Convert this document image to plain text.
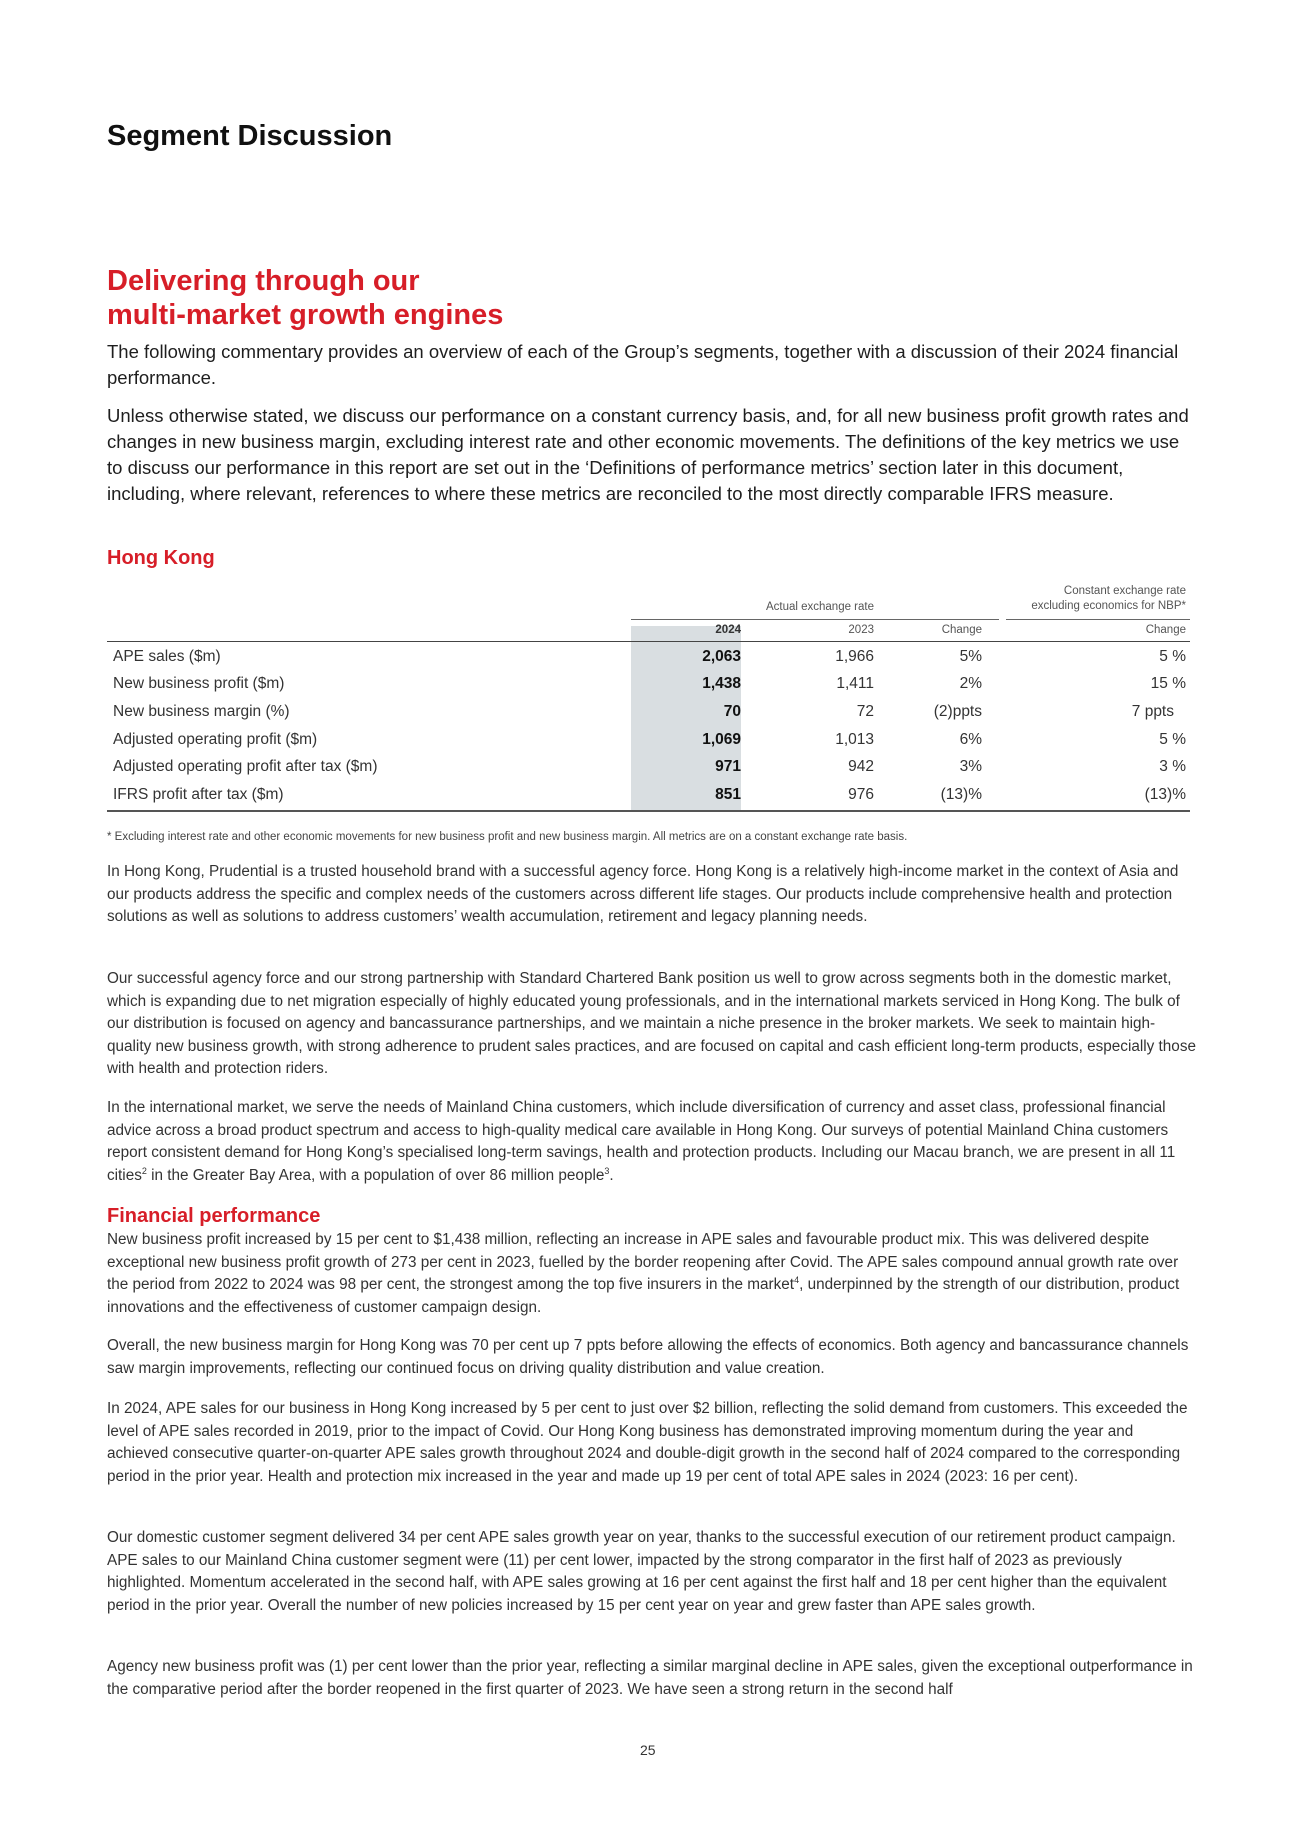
Segment Discussion
Delivering through our
multi-market growth engines

The following commentary provides an overview of each of the Group’s segments, together with a discussion of their 2024 financial performance.

Unless otherwise stated, we discuss our performance on a constant currency basis, and, for all new business profit growth rates and changes in new business margin, excluding interest rate and other economic movements. The definitions of the key metrics we use to discuss our performance in this report are set out in the ‘Definitions of performance metrics’ section later in this document, including, where relevant, references to where these metrics are reconciled to the most directly comparable IFRS measure.

Hong Kong
Actual exchange rate
Constant exchange rate
excluding economics for NBP*
2024	2023	Change	Change
APE sales ($m)	2,063	1,966	5%	5 %
New business profit ($m)	1,438	1,411	2%	15 %
New business margin (%)	70	72	(2)ppts	7 ppts
Adjusted operating profit ($m)	1,069	1,013	6%	5 %
Adjusted operating profit after tax ($m)	971	942	3%	3 %
IFRS profit after tax ($m)	851	976	(13)%	(13)%

* Excluding interest rate and other economic movements for new business profit and new business margin. All metrics are on a constant exchange rate basis.

In Hong Kong, Prudential is a trusted household brand with a successful agency force. Hong Kong is a relatively high-income market in the context of Asia and our products address the specific and complex needs of the customers across different life stages. Our products include comprehensive health and protection solutions as well as solutions to address customers’ wealth accumulation, retirement and legacy planning needs.

Our successful agency force and our strong partnership with Standard Chartered Bank position us well to grow across segments both in the domestic market, which is expanding due to net migration especially of highly educated young professionals, and in the international markets serviced in Hong Kong. The bulk of our distribution is focused on agency and bancassurance partnerships, and we maintain a niche presence in the broker markets. We seek to maintain high-quality new business growth, with strong adherence to prudent sales practices, and are focused on capital and cash efficient long-term products, especially those with health and protection riders.

In the international market, we serve the needs of Mainland China customers, which include diversification of currency and asset class, professional financial advice across a broad product spectrum and access to high-quality medical care available in Hong Kong. Our surveys of potential Mainland China customers report consistent demand for Hong Kong’s specialised long-term savings, health and protection products. Including our Macau branch, we are present in all 11 cities$^2$ in the Greater Bay Area, with a population of over 86 million people$^3$.

Financial performance

New business profit increased by 15 per cent to $1,438 million, reflecting an increase in APE sales and favourable product mix. This was delivered despite exceptional new business profit growth of 273 per cent in 2023, fuelled by the border reopening after Covid. The APE sales compound annual growth rate over the period from 2022 to 2024 was 98 per cent, the strongest among the top five insurers in the market$^4$, underpinned by the strength of our distribution, product innovations and the effectiveness of customer campaign design.

Overall, the new business margin for Hong Kong was 70 per cent up 7 ppts before allowing the effects of economics. Both agency and bancassurance channels saw margin improvements, reflecting our continued focus on driving quality distribution and value creation.

In 2024, APE sales for our business in Hong Kong increased by 5 per cent to just over $2 billion, reflecting the solid demand from customers. This exceeded the level of APE sales recorded in 2019, prior to the impact of Covid. Our Hong Kong business has demonstrated improving momentum during the year and achieved consecutive quarter-on-quarter APE sales growth throughout 2024 and double-digit growth in the second half of 2024 compared to the corresponding period in the prior year. Health and protection mix increased in the year and made up 19 per cent of total APE sales in 2024 (2023: 16 per cent).

Our domestic customer segment delivered 34 per cent APE sales growth year on year, thanks to the successful execution of our retirement product campaign. APE sales to our Mainland China customer segment were (11) per cent lower, impacted by the strong comparator in the first half of 2023 as previously highlighted. Momentum accelerated in the second half, with APE sales growing at 16 per cent against the first half and 18 per cent higher than the equivalent period in the prior year. Overall the number of new policies increased by 15 per cent year on year and grew faster than APE sales growth.

Agency new business profit was (1) per cent lower than the prior year, reflecting a similar marginal decline in APE sales, given the exceptional outperformance in the comparative period after the border reopened in the first quarter of 2023. We have seen a strong return in the second half

25
